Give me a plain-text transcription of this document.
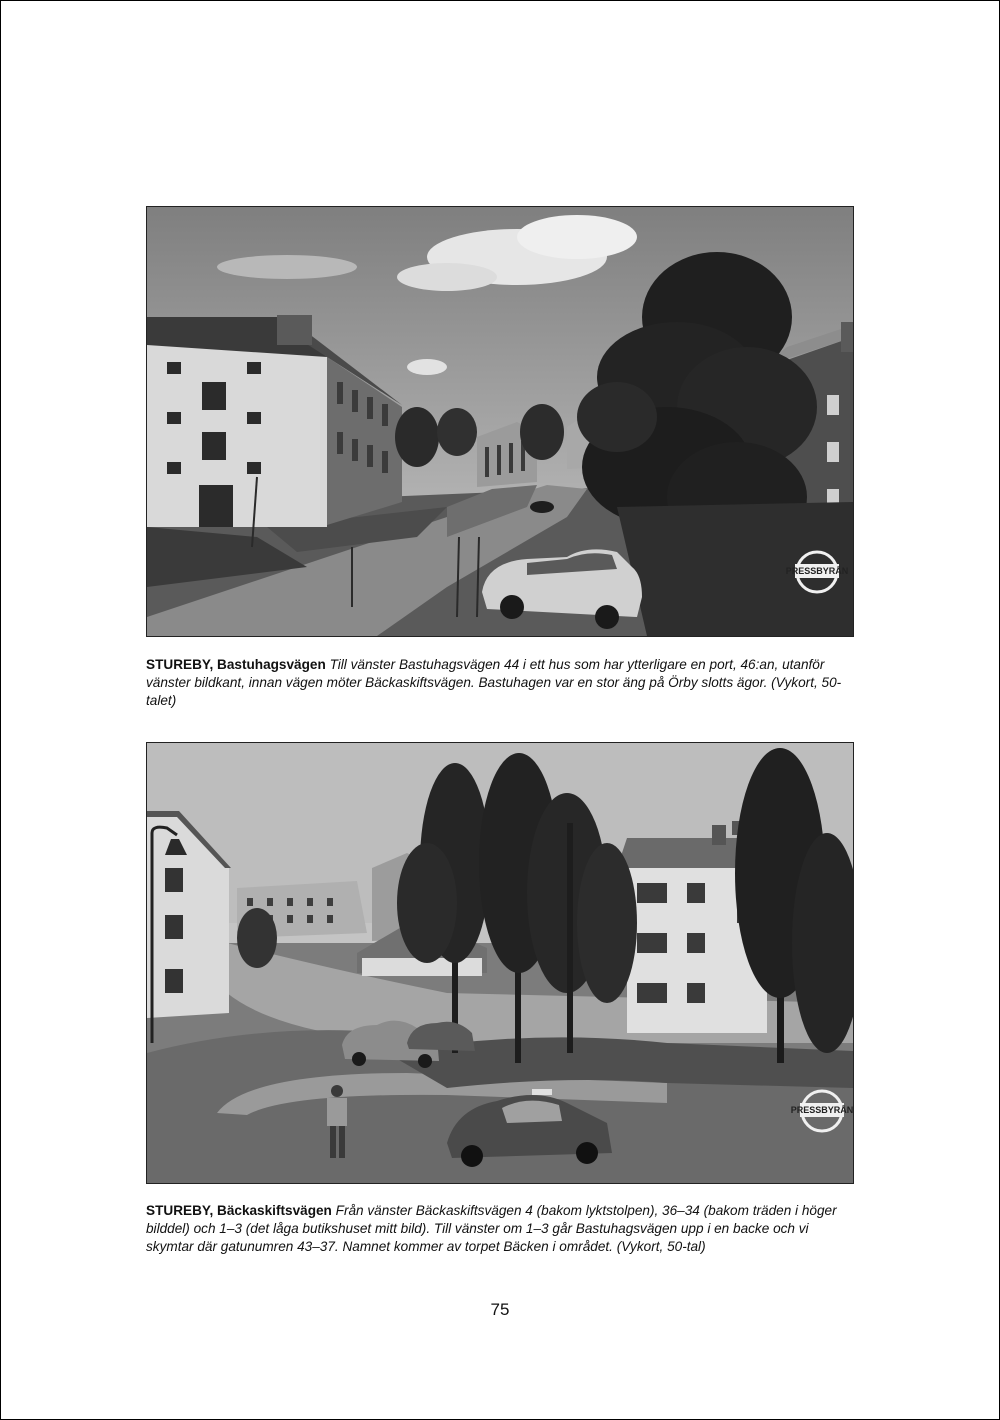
PRESSBYRÅN
STUREBY, Bastuhagsvägen Till vänster Bastuhagsvägen 44 i ett hus som har ytterligare en port, 46:an, utanför vänster bildkant, innan vägen möter Bäckaskiftsvägen. Bastuhagen var en stor äng på Örby slotts ägor. (Vykort, 50-talet)
PRESSBYRÅN
STUREBY, Bäckaskiftsvägen Från vänster Bäckaskiftsvägen 4 (bakom lyktstolpen), 36–34 (bakom träden i höger bilddel) och 1–3 (det låga butikshuset mitt bild). Till vänster om 1–3 går Bastuhagsvägen upp i en backe och vi skymtar där gatunumren 43–37. Namnet kommer av torpet Bäcken i området. (Vykort, 50-tal)
75
